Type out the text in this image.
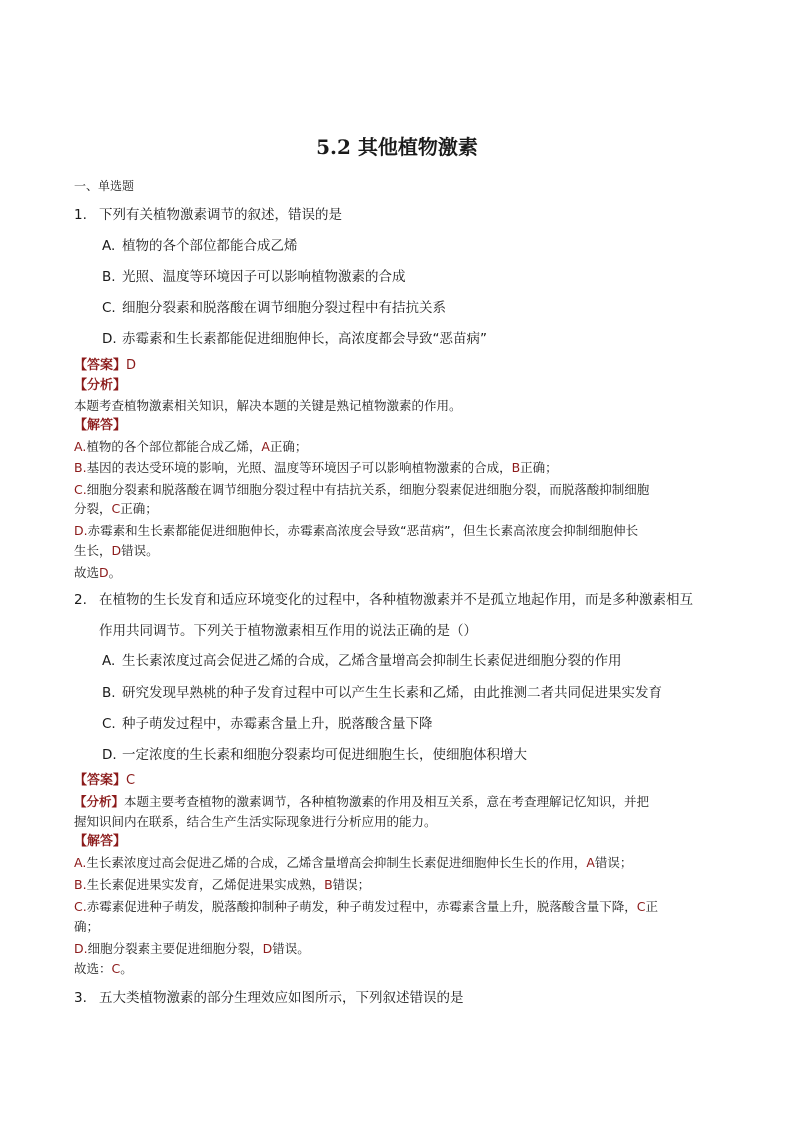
5.2 其他植物激素
一、单选题
1. 下列有关植物激素调节的叙述，错误的是
A. 植物的各个部位都能合成乙烯
B. 光照、温度等环境因子可以影响植物激素的合成
C. 细胞分裂素和脱落酸在调节细胞分裂过程中有拮抗关系
D. 赤霉素和生长素都能促进细胞伸长，高浓度都会导致“恶苗病”
【答案】D
【分析】
本题考查植物激素相关知识，解决本题的关键是熟记植物激素的作用。
【解答】
A.植物的各个部位都能合成乙烯，A正确；
B.基因的表达受环境的影响，光照、温度等环境因子可以影响植物激素的合成，B正确；
C.细胞分裂素和脱落酸在调节细胞分裂过程中有拮抗关系，细胞分裂素促进细胞分裂，而脱落酸抑制细胞
分裂，C正确；
D.赤霉素和生长素都能促进细胞伸长，赤霉素高浓度会导致“恶苗病”，但生长素高浓度会抑制细胞伸长
生长，D错误。
故选D。
2. 在植物的生长发育和适应环境变化的过程中，各种植物激素并不是孤立地起作用，而是多种激素相互
作用共同调节。下列关于植物激素相互作用的说法正确的是（）
A. 生长素浓度过高会促进乙烯的合成，乙烯含量增高会抑制生长素促进细胞分裂的作用
B. 研究发现早熟桃的种子发育过程中可以产生生长素和乙烯，由此推测二者共同促进果实发育
C. 种子萌发过程中，赤霉素含量上升，脱落酸含量下降
D. 一定浓度的生长素和细胞分裂素均可促进细胞生长，使细胞体积增大
【答案】C
【分析】本题主要考查植物的激素调节，各种植物激素的作用及相互关系，意在考查理解记忆知识，并把
握知识间内在联系，结合生产生活实际现象进行分析应用的能力。
【解答】
A.生长素浓度过高会促进乙烯的合成，乙烯含量增高会抑制生长素促进细胞伸长生长的作用，A错误；
B.生长素促进果实发育，乙烯促进果实成熟，B错误；
C.赤霉素促进种子萌发，脱落酸抑制种子萌发，种子萌发过程中，赤霉素含量上升，脱落酸含量下降，C正
确；
D.细胞分裂素主要促进细胞分裂，D错误。
故选：C。
3. 五大类植物激素的部分生理效应如图所示，下列叙述错误的是
